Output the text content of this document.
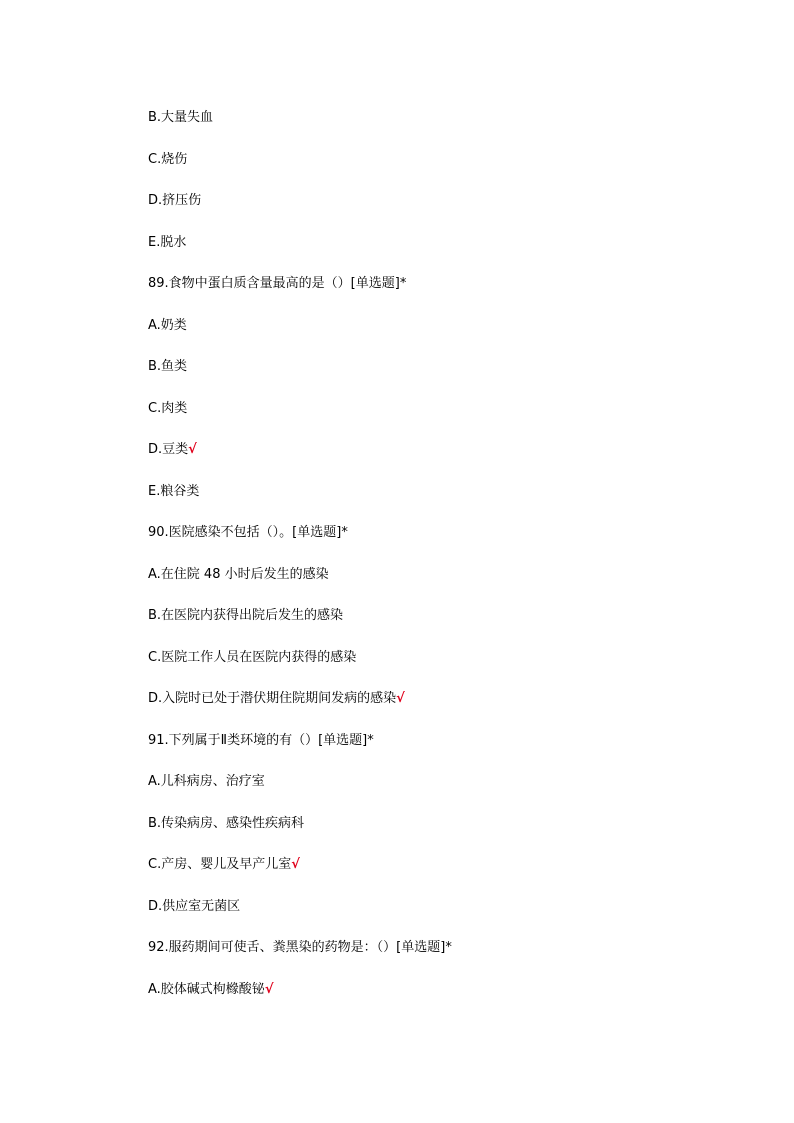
B.大量失血
C.烧伤
D.挤压伤
E.脱水
89.食物中蛋白质含量最高的是（）[单选题]*
A.奶类
B.鱼类
C.肉类
D.豆类√
E.粮谷类
90.医院感染不包括（）。[单选题]*
A.在住院 48 小时后发生的感染
B.在医院内获得出院后发生的感染
C.医院工作人员在医院内获得的感染
D.入院时已处于潜伏期住院期间发病的感染√
91.下列属于Ⅱ类环境的有（）[单选题]*
A.儿科病房、治疗室
B.传染病房、感染性疾病科
C.产房、婴儿及早产儿室√
D.供应室无菌区
92.服药期间可使舌、粪黑染的药物是：（）[单选题]*
A.胶体碱式枸橼酸铋√
